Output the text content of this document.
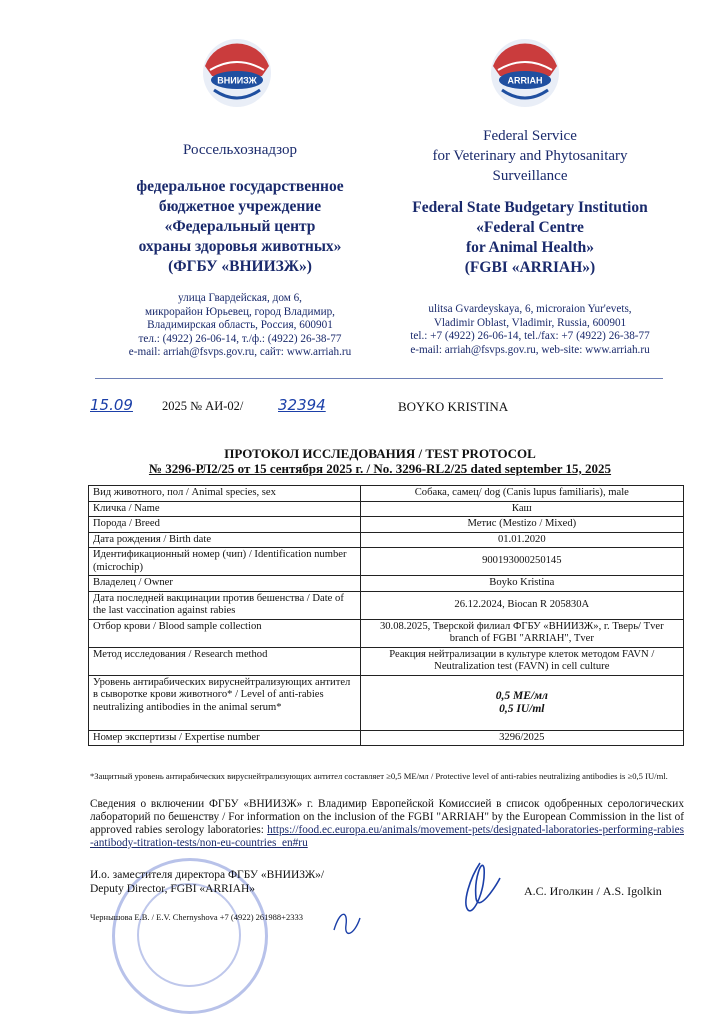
ВНИИЗЖ	ARRIAH
Россельхознадзор
федеральное государственное
бюджетное учреждение
«Федеральный центр
охраны здоровья животных»
(ФГБУ «ВНИИЗЖ»)
улица Гвардейская, дом 6,
микрорайон Юрьевец, город Владимир,
Владимирская область, Россия, 600901
тел.: (4922) 26-06-14, т./ф.: (4922) 26-38-77
e-mail: arriah@fsvps.gov.ru, сайт: www.arriah.ru
Federal Service
for Veterinary and Phytosanitary
Surveillance
Federal State Budgetary Institution
«Federal Centre
for Animal Health»
(FGBI «ARRIAH»)
ulitsa Gvardeyskaya, 6, microraion Yur'evets,
Vladimir Oblast, Vladimir, Russia, 600901
tel.: +7 (4922) 26-06-14, tel./fax: +7 (4922) 26-38-77
e-mail: arriah@fsvps.gov.ru, web-site: www.arriah.ru
15.09 2025 № АИ-02/ 32394	BOYKO KRISTINA
ПРОТОКОЛ ИССЛЕДОВАНИЯ / TEST PROTOCOL
№ 3296-РЛ2/25 от 15 сентября 2025 г. / No. 3296-RL2/25 dated september 15, 2025
Вид животного, пол / Animal species, sex	Собака, самец/ dog (Canis lupus familiaris), male
Кличка / Name	Каш
Порода / Breed	Метис (Mestizo / Mixed)
Дата рождения / Birth date	01.01.2020
Идентификационный номер (чип) / Identification number (microchip)	900193000250145
Владелец / Owner	Boyko Kristina
Дата последней вакцинации против бешенства / Date of the last vaccination against rabies	26.12.2024, Biocan R 205830A
Отбор крови / Blood sample collection	30.08.2025, Тверской филиал ФГБУ «ВНИИЗЖ», г. Тверь/ Tver branch of FGBI "ARRIAH", Tver
Метод исследования / Research method	Реакция нейтрализации в культуре клеток методом FAVN / Neutralization test (FAVN) in cell culture
Уровень антирабических вируснейтрализующих антител в сыворотке крови животного* / Level of anti-rabies neutralizing antibodies in the animal serum*	0,5 МЕ/мл
0,5 IU/ml

Номер экспертизы / Expertise number	3296/2025
*Защитный уровень антирабических вируснейтрализующих антител составляет ≥0,5 МЕ/мл / Protective level of anti-rabies neutralizing antibodies is ≥0,5 IU/ml.
Сведения о включении ФГБУ «ВНИИЗЖ» г. Владимир Европейской Комиссией в список одобренных серологических лабораторий по бешенству / For information on the inclusion of the FGBI "ARRIAH" by the European Commission in the list of approved rabies serology laboratories: https://food.ec.europa.eu/animals/movement-pets/designated-laboratories-performing-rabies-antibody-titration-tests/non-eu-countries_en#ru
И.о. заместителя директора ФГБУ «ВНИИЗЖ»/
Deputy Director, FGBI «ARRIAH»	А.С. Иголкин / A.S. Igolkin
Чернышова Е.В. / E.V. Chernyshova +7 (4922) 261988+2333
